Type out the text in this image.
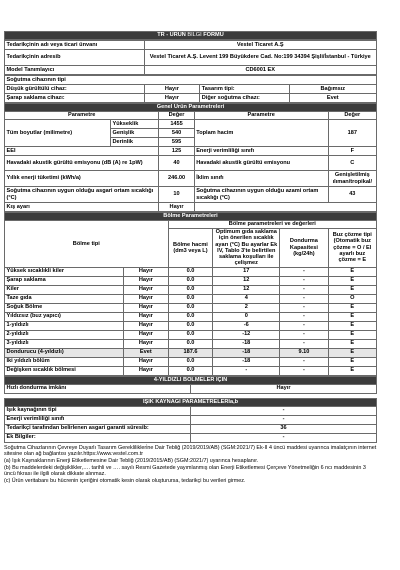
TR - ÜRÜN BİLGİ FORMU
Tedarikçinin adı veya ticari ünvanı	Vestel Ticaret A.Ş
Tedarikçinin adresib	Vestel Ticaret A.Ş. Levent 199 Büyükdere Cad. No:199 34394 Şişli/İstanbul - Türkiye
Model Tanımlayıcı	CD6001 EX
Soğutma cihazının tipi			
Düşük gürültülü cihaz:	Hayır	Tasarım tipi:	Bağımsız
Şarap saklama cihazı:	Hayır	Diğer soğutma cihazı:	Evet
Genel Ürün Parametreleri				
Parametre		Değer	Parametre	Değer
Tüm boyutlar (milimetre)	Yükseklik	1455	Toplam hacim	187
	Genişlik	540		
	Derinlik	595		
EEI		125	Enerji verimliliği sınıfı	F
Havadaki akustik gürültü emisyonu (dB (A) re 1pW)		40	Havadaki akustik gürültü emisyonu	C
Yıllık enerji tüketimi (kWh/a)		246.00	İklim sınıfı	Genişletilmiş ılıman/tropikal/
Soğutma cihazının uygun olduğu asgari ortam sıcaklığı (°C)		10	Soğutma cihazının uygun olduğu azami ortam sıcaklığı (°C)	43
Kış ayarı		Hayır		
Bölme Parametreleri					
Bölme tipi		Bölme parametreleri ve değerleri			
		Bölme hacmi (dm3 veya L)	Optimum gıda saklama için önerilen sıcaklık ayarı (°C) Bu ayarlar Ek IV, Tablo 3'te belirtilen saklama koşulları ile çelişmez	Dondurma Kapasitesi (kg/24h)	Buz çözme tipi (Otomatik buz çözme = O / El ayarlı buz çözme = E
Yüksek sıcaklıkli kiler	Hayır	0.0	17	-	E
Şarap saklama	Hayır	0.0	12	-	E
Kiler	Hayır	0.0	12	-	E
Taze gıda	Hayır	0.0	4	-	O
Soğuk Bölme	Hayır	0.0	2	-	E
Yıldızsız (buz yapıcı)	Hayır	0.0	0	-	E
1-yıldızlı	Hayır	0.0	-6	-	E
2-yıldızlı	Hayır	0.0	-12	-	E
3-yıldızlı	Hayır	0.0	-18	-	E
Dondurucu (4-yıldızlı)	Evet	187.6	-18	9.10	E
İki yıldızlı bölüm	Hayır	0.0	-18	-	E
Değişken sıcaklık bölmesi	Hayır	0.0	-	-	E
4-YILDIZLI BÖLMELER İÇİN
Hızlı dondurma imkânı	Hayır

IŞIK KAYNAĞI PARAMETRELERİa,b	
Işık kaynağının tipi	-
Enerji verimliliği sınıfı	-
Tedarikçi tarafından belirlenen asgari garanti süresib:	36
Ek Bilgiler:	-
Soğutma Cihazlarının Çevreye Duyarlı Tasarım Gereklilikleri̇ne Dair Tebliğ (2019/2019/AB) (SGM:2021/7) Ek-II 4 üncü maddesi uyarınca imalatçının internet sitesine olan ağ bağlantısı yazılır.https://www.vestel.com.tr
(a) Işık Kaynaklarının Enerji Etiketlemesine Dair Tebliğ (2019/2015/AB) (SGM:2021/7) uyarınca hesaplanır.
(b) Bu maddelerdeki değişiklikler,…. tarihli ve …. sayılı Resmi Gazetede yayımlanmış olan Enerji Etiketlemesi Çerçeve Yönetmeliğin 6 ncı maddesinin 3 üncü fıkrası ile ilgili olarak dikkate alınmaz.
(c) Ürün veritabanı bu hücrenin içeriğini otomatik kesin olarak oluşturursa, tedarikçi bu verileri girmez.
